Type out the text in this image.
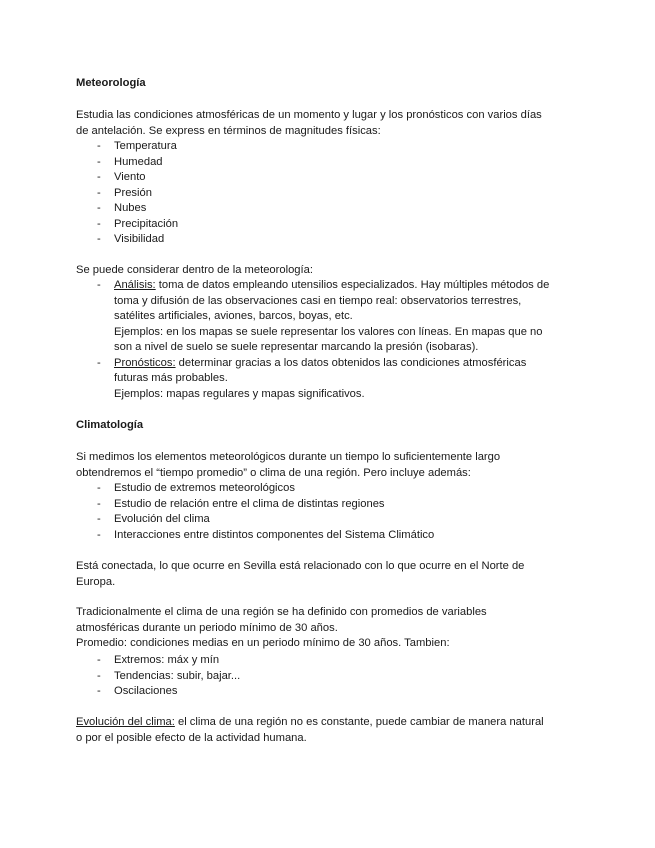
Meteorología

Estudia las condiciones atmosféricas de un momento y lugar y los pronósticos con varios días
de antelación. Se express en términos de magnitudes físicas:

- Temperatura
- Humedad
- Viento
- Presión
- Nubes
- Precipitación
- Visibilidad

Se puede considerar dentro de la meteorología:

- Análisis: toma de datos empleando utensilios especializados. Hay múltiples métodos de
toma y difusión de las observaciones casi en tiempo real: observatorios terrestres,
satélites artificiales, aviones, barcos, boyas, etc.
Ejemplos: en los mapas se suele representar los valores con líneas. En mapas que no
son a nivel de suelo se suele representar marcando la presión (isobaras).
- Pronósticos: determinar gracias a los datos obtenidos las condiciones atmosféricas
futuras más probables.
Ejemplos: mapas regulares y mapas significativos.

Climatología

Si medimos los elementos meteorológicos durante un tiempo lo suficientemente largo
obtendremos el “tiempo promedio” o clima de una región. Pero incluye además:

- Estudio de extremos meteorológicos
- Estudio de relación entre el clima de distintas regiones
- Evolución del clima
- Interacciones entre distintos componentes del Sistema Climático

Está conectada, lo que ocurre en Sevilla está relacionado con lo que ocurre en el Norte de
Europa.

Tradicionalmente el clima de una región se ha definido con promedios de variables
atmosféricas durante un periodo mínimo de 30 años.
Promedio: condiciones medias en un periodo mínimo de 30 años. Tambien:

- Extremos: máx y mín
- Tendencias: subir, bajar...
- Oscilaciones

Evolución del clima: el clima de una región no es constante, puede cambiar de manera natural
o por el posible efecto de la actividad humana.
